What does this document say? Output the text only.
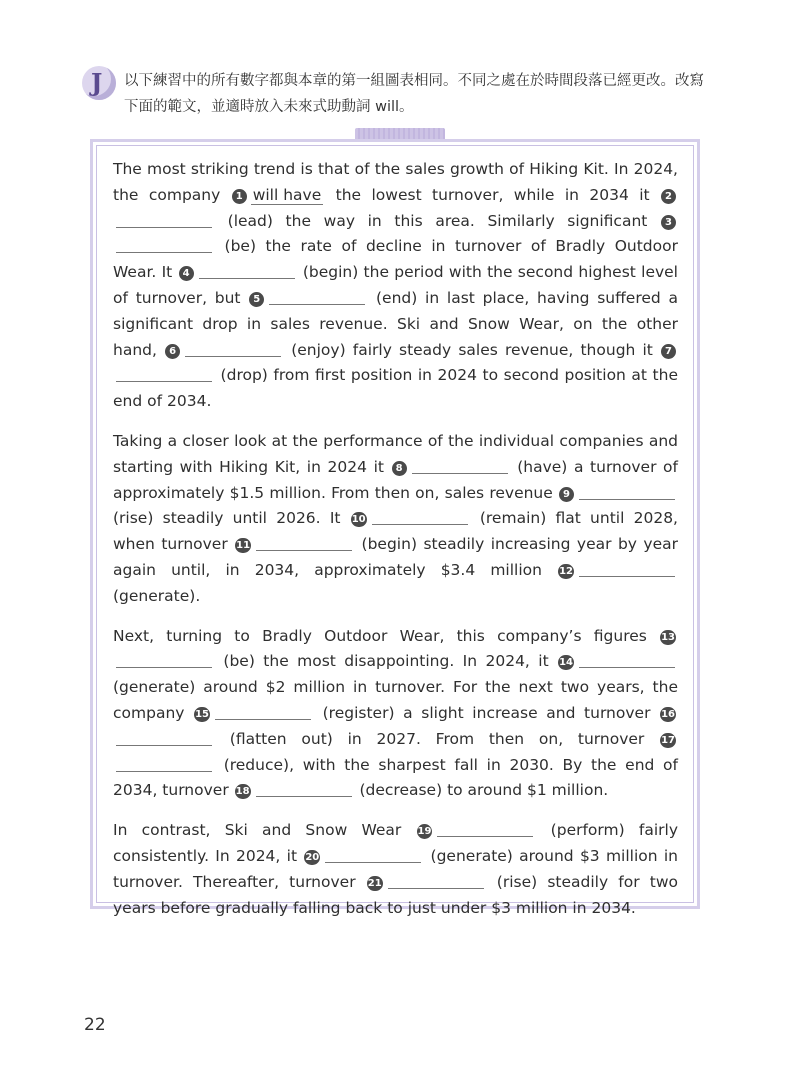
J 以下練習中的所有數字都與本章的第一組圖表相同。不同之處在於時間段落已經更改。改寫下面的範文，並適時放入未來式助動詞 will。

The most striking trend is that of the sales growth of Hiking Kit. In 2024, the company 1 will have the lowest turnover, while in 2034 it 2 (lead) the way in this area. Similarly significant 3 (be) the rate of decline in turnover of Bradly Outdoor Wear. It 4	(begin) the period with the second highest level of turnover, but 5	(end) in last place, having suffered a significant drop in sales revenue. Ski and Snow Wear, on the other hand, 6	(enjoy) fairly steady sales revenue, though it 7 (drop) from first position in 2024 to second position at the end of 2034.

Taking a closer look at the performance of the individual companies and starting with Hiking Kit, in 2024 it 8	(have) a turnover of approximately $1.5 million. From then on, sales revenue 9 (rise) steadily until 2026. It 10	(remain) flat until 2028, when turnover 11	(begin) steadily increasing year by year again until, in 2034, approximately $3.4 million 12 (generate).

Next, turning to Bradly Outdoor Wear, this company’s figures 13 (be) the most disappointing. In 2024, it 14 (generate) around $2 million in turnover. For the next two years, the company 15	(register) a slight increase and turnover 16 (flatten out) in 2027. From then on, turnover 17 (reduce), with the sharpest fall in 2030. By the end of 2034, turnover 18	(decrease) to around $1 million.

In contrast, Ski and Snow Wear 19	(perform) fairly consistently. In 2024, it 20	(generate) around $3 million in turnover. Thereafter, turnover 21	(rise) steadily for two years before gradually falling back to just under $3 million in 2034.

22
